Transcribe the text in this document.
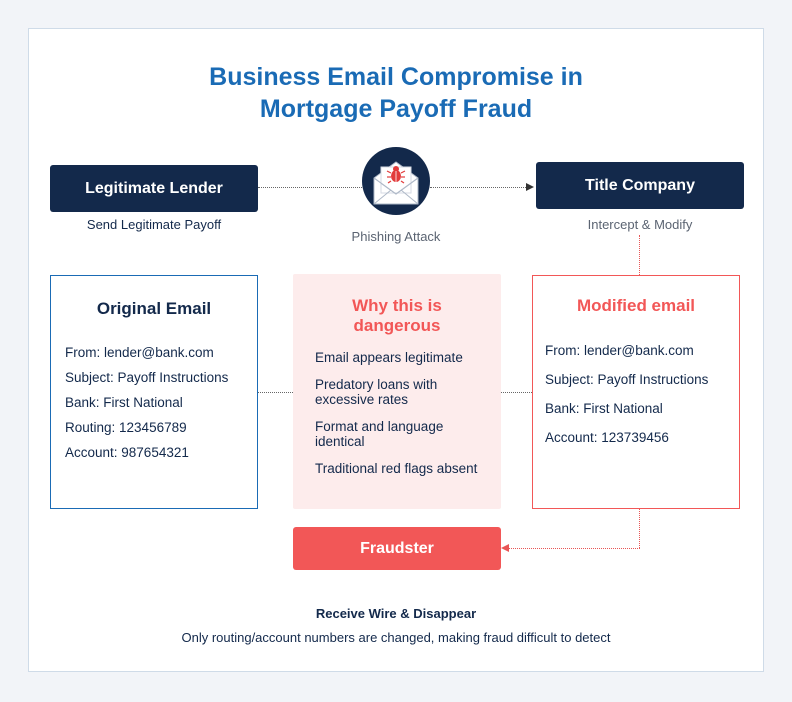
Business Email Compromise in
Mortgage Payoff Fraud
Legitimate Lender
Send Legitimate Payoff
Phishing Attack
Title Company
Intercept & Modify
Original Email
From: lender@bank.com
Subject: Payoff Instructions
Bank: First National
Routing: 123456789
Account: 987654321
Why this is
dangerous
Email appears legitimate
Predatory loans with excessive rates
Format and language identical
Traditional red flags absent
Modified email
From: lender@bank.com
Subject: Payoff Instructions
Bank: First National
Account: 123739456
Fraudster
Receive Wire & Disappear
Only routing/account numbers are changed, making fraud difficult to detect
